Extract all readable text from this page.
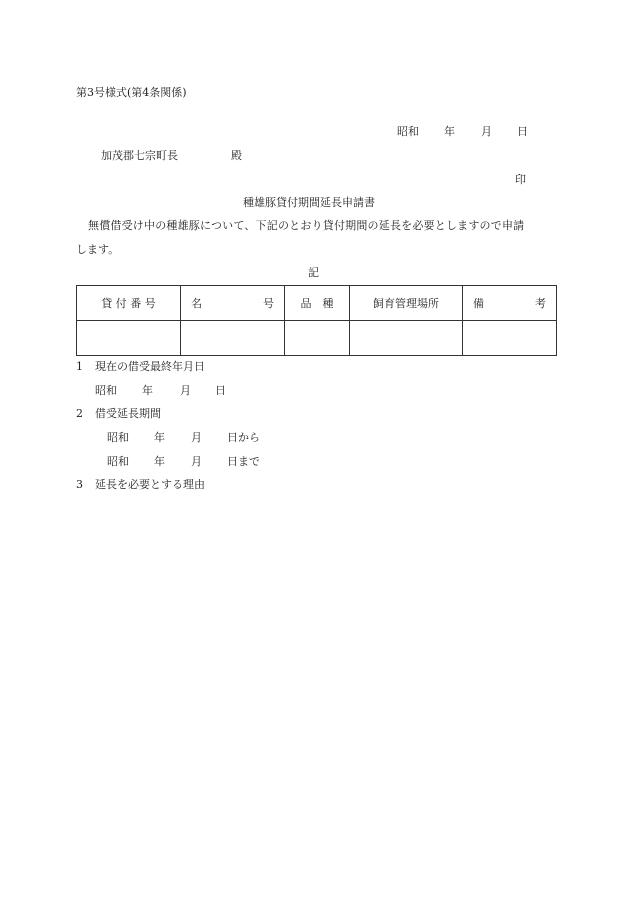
第3号様式(第4条関係)
昭和 年 月 日
加茂郡七宗町長	殿
印
種雄豚貸付期間延長申請書
無償借受け中の種雄豚について、下記のとおり貸付期間の延長を必要としますので申請
します。
記
貸 付 番 号	名 号	品　種	飼育管理場所	備 考

1 現在の借受最終年月日
昭和 年 月 日
2 借受延長期間
昭和 年 月 日から
昭和 年 月 日まで
3 延長を必要とする理由
